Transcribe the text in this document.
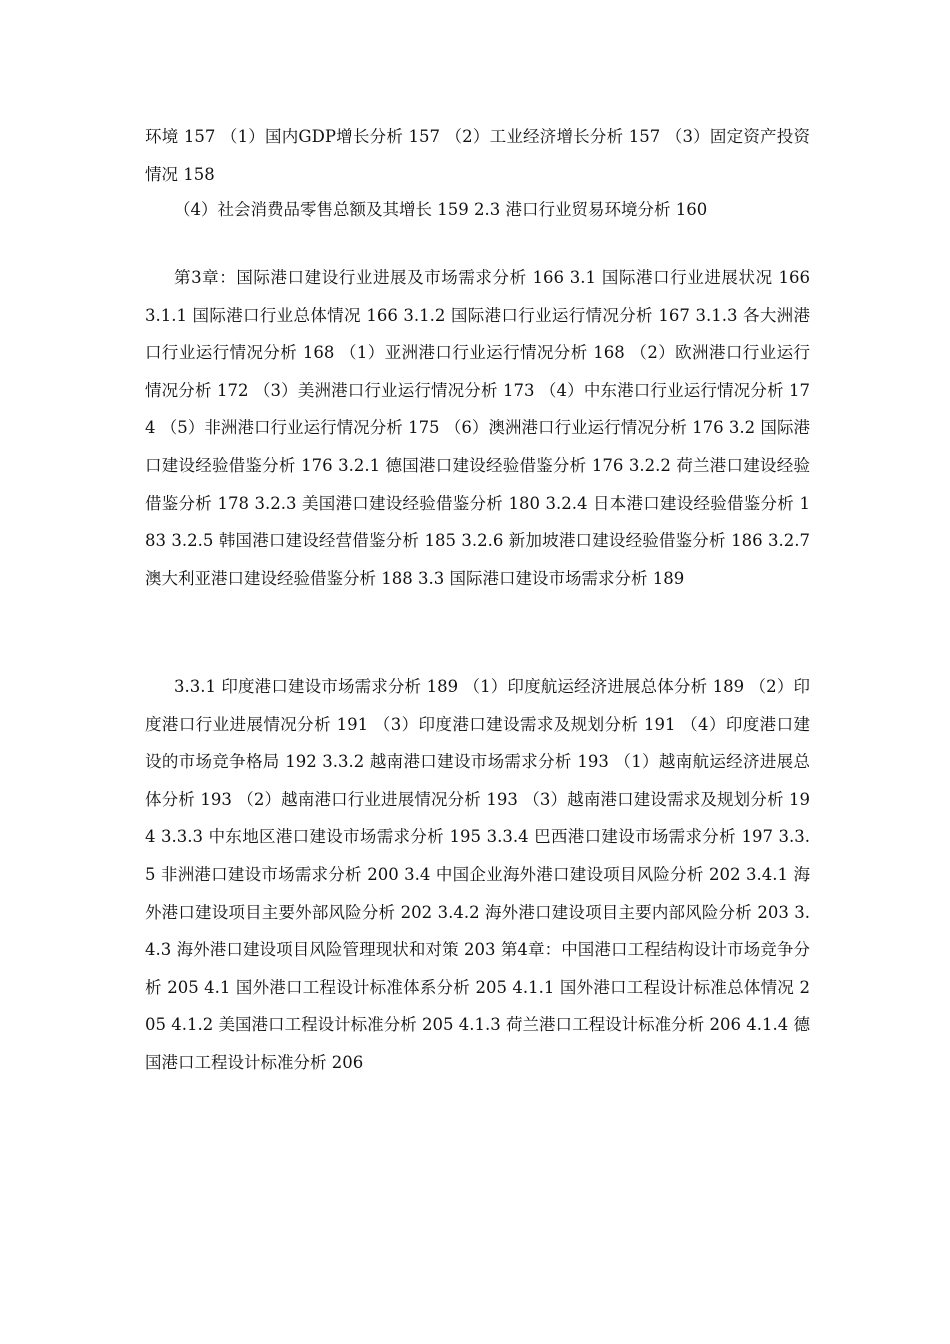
环境 157 （1）国内GDP增长分析 157 （2）工业经济增长分析 157 （3）固定资产投资情况 158

（4）社会消费品零售总额及其增长 159 2.3 港口行业贸易环境分析 160

第3章：国际港口建设行业进展及市场需求分析 166 3.1 国际港口行业进展状况 166 3.1.1 国际港口行业总体情况 166 3.1.2 国际港口行业运行情况分析 167 3.1.3 各大洲港口行业运行情况分析 168 （1）亚洲港口行业运行情况分析 168 （2）欧洲港口行业运行情况分析 172 （3）美洲港口行业运行情况分析 173 （4）中东港口行业运行情况分析 174 （5）非洲港口行业运行情况分析 175 （6）澳洲港口行业运行情况分析 176 3.2 国际港口建设经验借鉴分析 176 3.2.1 德国港口建设经验借鉴分析 176 3.2.2 荷兰港口建设经验借鉴分析 178 3.2.3 美国港口建设经验借鉴分析 180 3.2.4 日本港口建设经验借鉴分析 183 3.2.5 韩国港口建设经营借鉴分析 185 3.2.6 新加坡港口建设经验借鉴分析 186 3.2.7 澳大利亚港口建设经验借鉴分析 188 3.3 国际港口建设市场需求分析 189

3.3.1 印度港口建设市场需求分析 189 （1）印度航运经济进展总体分析 189 （2）印度港口行业进展情况分析 191 （3）印度港口建设需求及规划分析 191 （4）印度港口建设的市场竞争格局 192 3.3.2 越南港口建设市场需求分析 193 （1）越南航运经济进展总体分析 193 （2）越南港口行业进展情况分析 193 （3）越南港口建设需求及规划分析 194 3.3.3 中东地区港口建设市场需求分析 195 3.3.4 巴西港口建设市场需求分析 197 3.3.5 非洲港口建设市场需求分析 200 3.4 中国企业海外港口建设项目风险分析 202 3.4.1 海外港口建设项目主要外部风险分析 202 3.4.2 海外港口建设项目主要内部风险分析 203 3.4.3 海外港口建设项目风险管理现状和对策 203 第4章：中国港口工程结构设计市场竞争分析 205 4.1 国外港口工程设计标准体系分析 205 4.1.1 国外港口工程设计标准总体情况 205 4.1.2 美国港口工程设计标准分析 205 4.1.3 荷兰港口工程设计标准分析 206 4.1.4 德国港口工程设计标准分析 206
